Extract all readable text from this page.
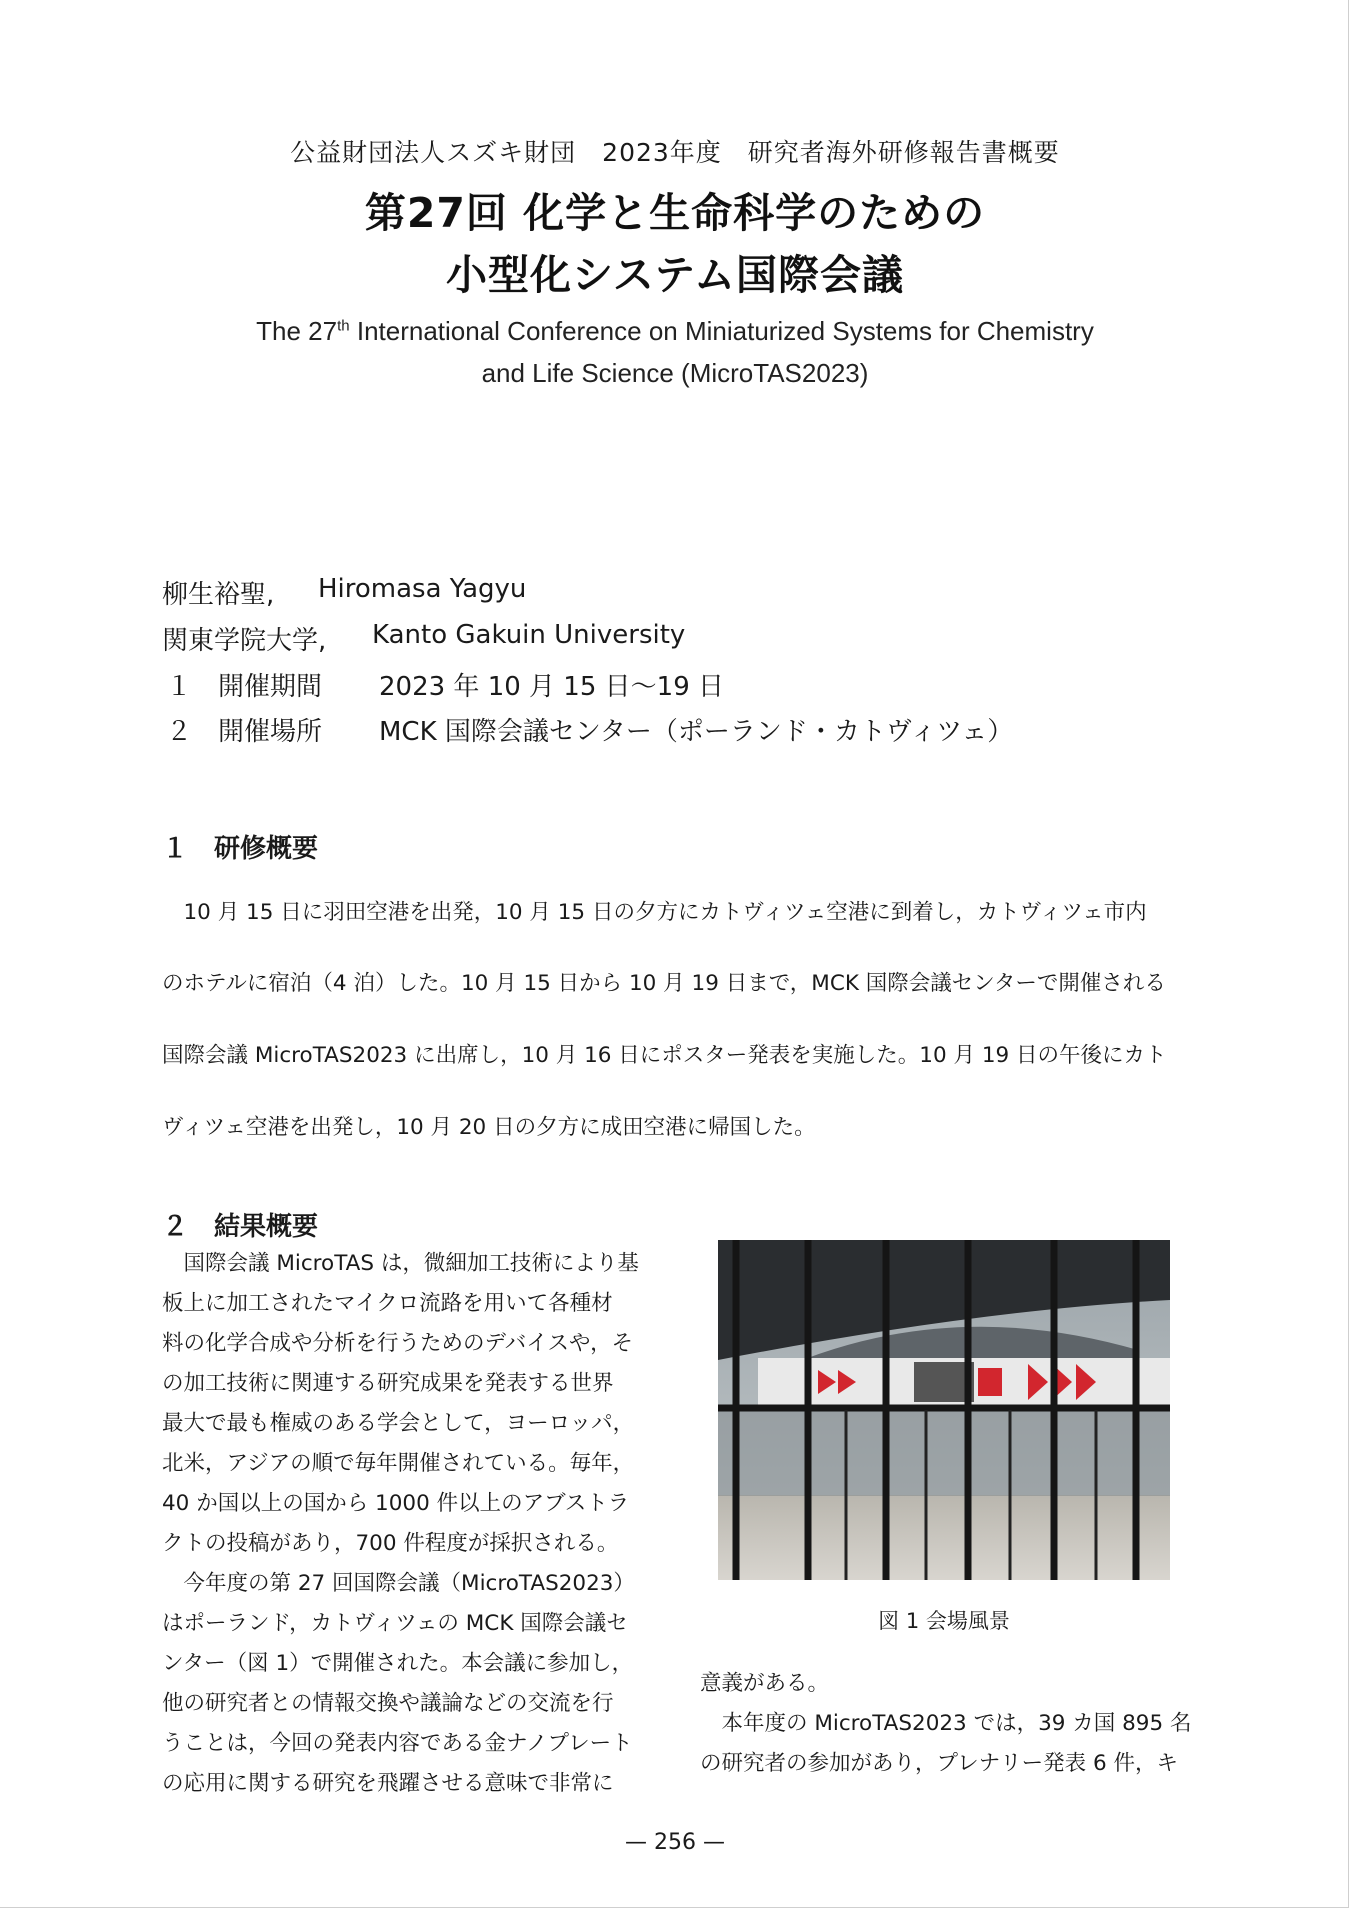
公益財団法人スズキ財団　2023年度　研究者海外研修報告書概要
第27回 化学と生命科学のための
小型化システム国際会議
The 27th International Conference on Miniaturized Systems for Chemistry
and Life Science (MicroTAS2023)
柳生裕聖, Hiromasa Yagyu
関東学院大学, Kanto Gakuin University
１　開催期間 2023 年 10 月 15 日～19 日
２　開催場所 MCK 国際会議センター（ポーランド・カトヴィツェ）
１　研修概要
　10 月 15 日に羽田空港を出発，10 月 15 日の夕方にカトヴィツェ空港に到着し，カトヴィツェ市内
のホテルに宿泊（4 泊）した。10 月 15 日から 10 月 19 日まで，MCK 国際会議センターで開催される
国際会議 MicroTAS2023 に出席し，10 月 16 日にポスター発表を実施した。10 月 19 日の午後にカト
ヴィツェ空港を出発し，10 月 20 日の夕方に成田空港に帰国した。
２　結果概要
　国際会議 MicroTAS は，微細加工技術により基
板上に加工されたマイクロ流路を用いて各種材
料の化学合成や分析を行うためのデバイスや，そ
の加工技術に関連する研究成果を発表する世界
最大で最も権威のある学会として，ヨーロッパ，
北米，アジアの順で毎年開催されている。毎年，
40 か国以上の国から 1000 件以上のアブストラ
クトの投稿があり，700 件程度が採択される。
　今年度の第 27 回国際会議（MicroTAS2023）
はポーランド，カトヴィツェの MCK 国際会議セ
ンター（図 1）で開催された。本会議に参加し，
他の研究者との情報交換や議論などの交流を行
うことは，今回の発表内容である金ナノプレート
の応用に関する研究を飛躍させる意味で非常に
図 1 会場風景
意義がある。
　本年度の MicroTAS2023 では，39 カ国 895 名
の研究者の参加があり，プレナリー発表 6 件，キ
— 256 —
